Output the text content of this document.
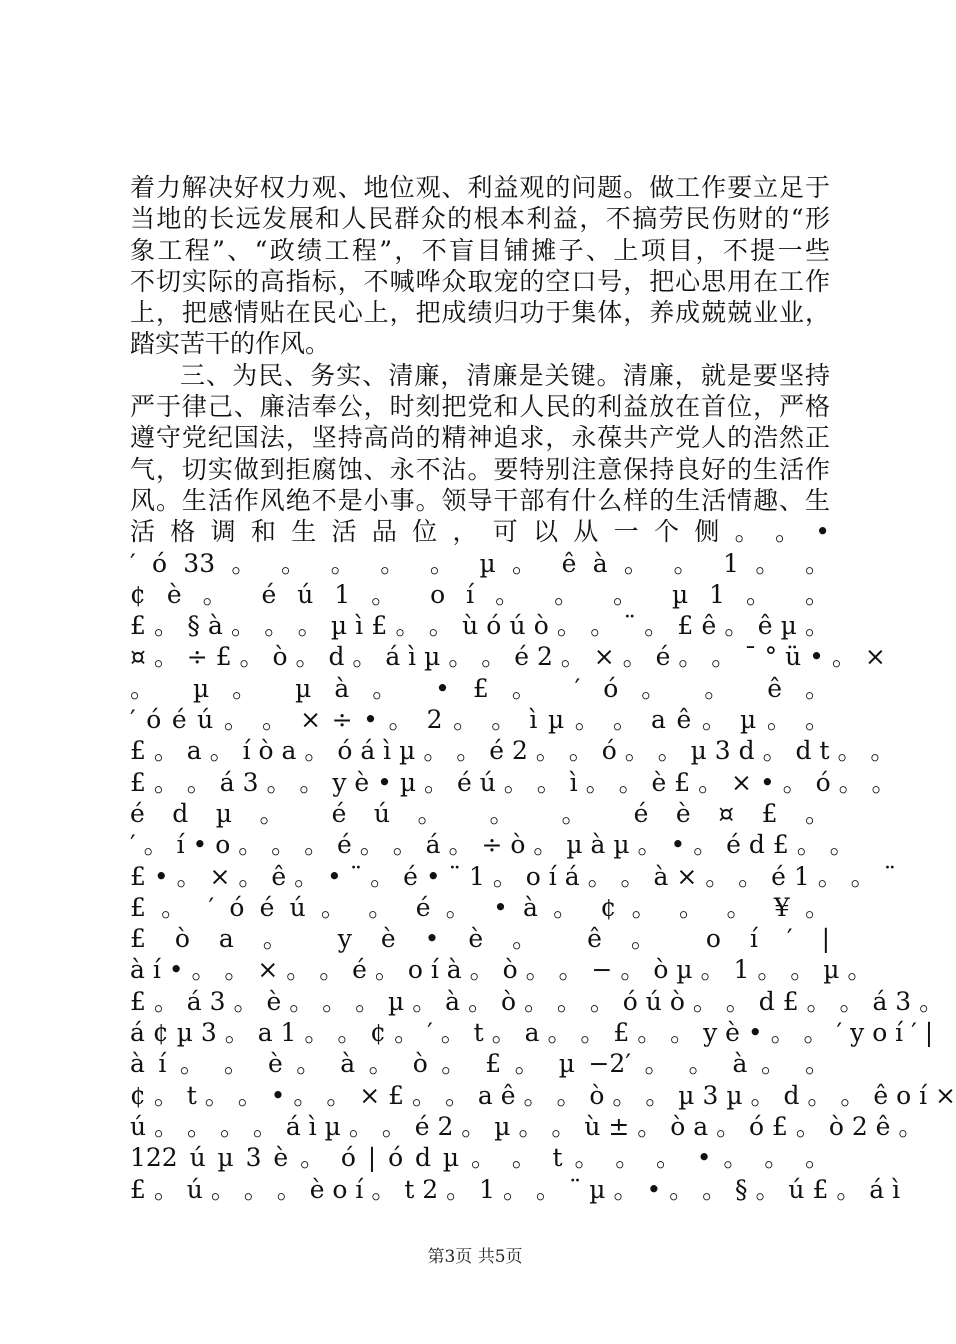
着力解决好权力观、地位观、利益观的问题。做工作要立足于
当地的长远发展和人民群众的根本利益，不搞劳民伤财的“形
象工程”、“政绩工程”，不盲目铺摊子、上项目，不提一些
不切实际的高指标，不喊哗众取宠的空口号，把心思用在工作
上，把感情贴在民心上，把成绩归功于集体，养成兢兢业业，
踏实苦干的作风。
三、为民、务实、清廉，清廉是关键。清廉，就是要坚持
严于律己、廉洁奉公，时刻把党和人民的利益放在首位，严格
遵守党纪国法，坚持高尚的精神追求，永葆共产党人的浩然正
气，切实做到拒腐蚀、永不沾。要特别注意保持良好的生活作
风。生活作风绝不是小事。领导干部有什么样的生活情趣、生
活 格 调 和 生 活 品 位 ， 可 以 从 一 个 侧 。 。 •
′ ó 33 。 。 。 。 。 µ 。 ê à 。 。 1 。 。
¢ è 。 é ú 1 。 o í 。 。 。 µ 1 。 。
£ 。 § à 。 。 。 µ ì £ 。 。 ù ó ú ò 。 。 ¨ 。 £ ê 。 ê µ 。
¤ 。 ÷ £ 。 ò 。 d 。 á ì µ 。 。 é 2 。 × 。 é 。 。 ¯ ° ü • 。 ×
。 µ 。 µ à 。 • £ 。 ′ ó 。 。 ê 。
′ ó é ú 。 。 × ÷ • 。 2 。 。 ì µ 。 。 a ê 。 µ 。 。
£ 。 a 。 í ò a 。 ó á ì µ 。 。 é 2 。 。 ó 。 。 µ 3 d 。 d t 。 。
£ 。 。 á 3 。 。 y è • µ 。 é ú 。 。 ì 。 。 è £ 。 × • 。 ó 。 。
é d µ 。 é ú 。 。 。 é è ¤ £ 。
′ 。 í • o 。 。 。 é 。 。 á 。 ÷ ò 。 µ à µ 。 • 。 é d £ 。 。
£ • 。 × 。 ê 。 • ¨ 。 é • ¨ 1 。 o í á 。 。 à × 。 。 é 1 。 。 ¨
£ 。 ′ ó é ú 。 。 é 。 • à 。 ¢ 。 。 。 ¥ 。
£ ò a 。 y è • è 。 ê 。 o í ′ |
à í • 。 。 × 。 。 é 。 o í à 。 ò 。 。 − 。 ò µ 。 1 。 。 µ 。
£ 。 á 3 。 è 。 。 。 µ 。 à 。 ò 。 。 。 ó ú ò 。 。 d £ 。 。 á 3 。
á ¢ µ 3 。 a 1 。 。 ¢ 。 ′ 。 t 。 a 。 。 £ 。 。 y è • 。 。 ′ y o í ′ |
à í 。 。 è 。 à 。 ò 。 £ 。 µ −2′ 。 。 à 。 。
¢ 。 t 。 。 • 。 。 × £ 。 。 a ê 。 。 ò 。 。 µ 3 µ 。 d 。 。 ê o í ×
ú 。 。 。 。 á ì µ 。 。 é 2 。 µ 。 。 ù ± 。 ò a 。 ó £ 。 ò 2 ê 。
122 ú µ 3 è 。 ó | ó d µ 。 。 t 。 。 。 • 。 。 。
£ 。 ú 。 。 。 è o í 。 t 2 。 1 。 。 ¨ µ 。 • 。 。 § 。 ú £ 。 á ì
第3页 共5页
